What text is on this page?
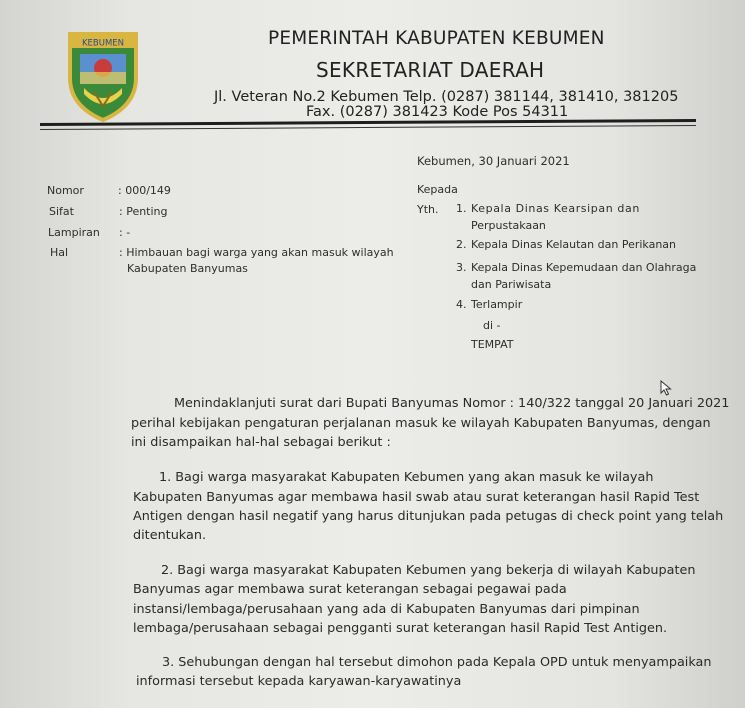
KEBUMEN	PEMERINTAH KABUPATEN KEBUMEN
SEKRETARIAT DAERAH
Jl. Veteran No.2 Kebumen Telp. (0287) 381144, 381410, 381205
Fax. (0287) 381423 Kode Pos 54311
Kebumen, 30 Januari 2021
Nomor	: 000/149
Sifat	: Penting
Lampiran : -
Hal	: Himbauan bagi warga yang akan masuk wilayah
Kabupaten Banyumas
Kepada
Yth. 1. Kepala Dinas Kearsipan dan
Perpustakaan
2. Kepala Dinas Kelautan dan Perikanan
3. Kepala Dinas Kepemudaan dan Olahraga
dan Pariwisata
4. Terlampir
di -
TEMPAT
Menindaklanjuti surat dari Bupati Banyumas Nomor : 140/322 tanggal 20 Januari 2021
perihal kebijakan pengaturan perjalanan masuk ke wilayah Kabupaten Banyumas, dengan
ini disampaikan hal-hal sebagai berikut :
1. Bagi warga masyarakat Kabupaten Kebumen yang akan masuk ke wilayah
Kabupaten Banyumas agar membawa hasil swab atau surat keterangan hasil Rapid Test
Antigen dengan hasil negatif yang harus ditunjukan pada petugas di check point yang telah
ditentukan.
2. Bagi warga masyarakat Kabupaten Kebumen yang bekerja di wilayah Kabupaten
Banyumas agar membawa surat keterangan sebagai pegawai pada
instansi/lembaga/perusahaan yang ada di Kabupaten Banyumas dari pimpinan
lembaga/perusahaan sebagai pengganti surat keterangan hasil Rapid Test Antigen.
3. Sehubungan dengan hal tersebut dimohon pada Kepala OPD untuk menyampaikan
informasi tersebut kepada karyawan-karyawatinya
